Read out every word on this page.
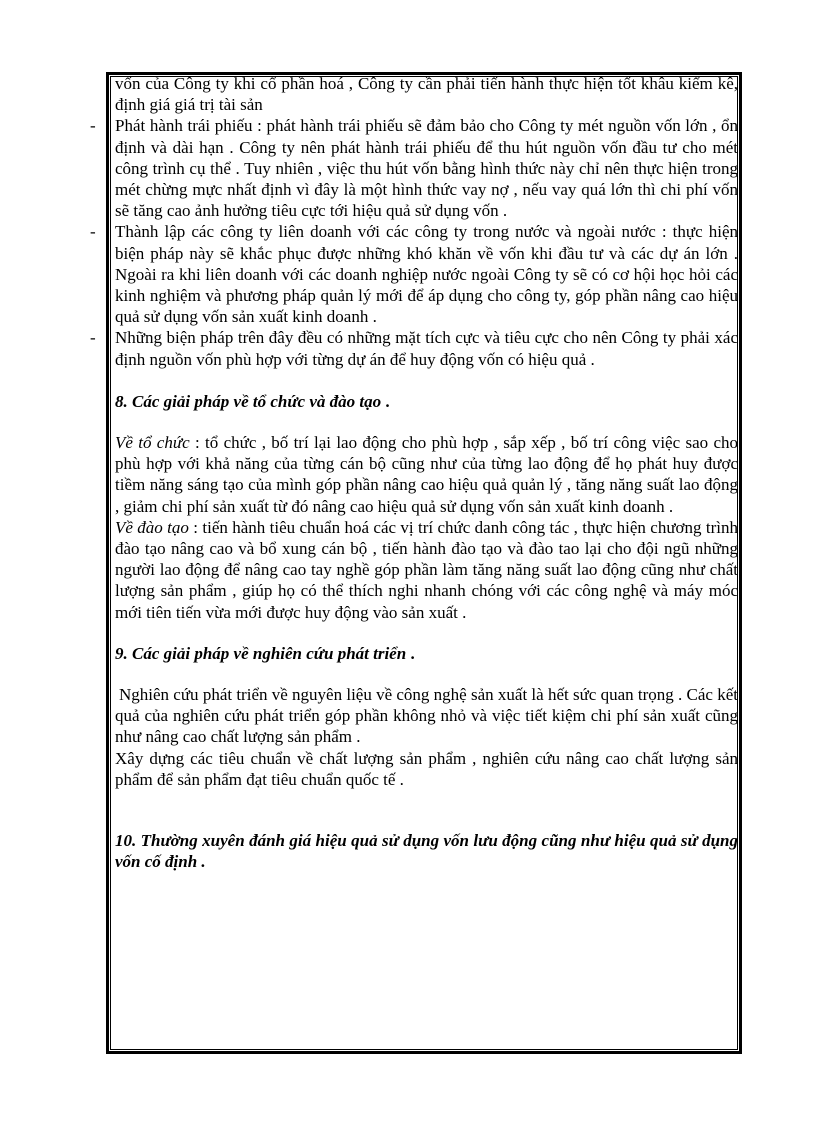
vốn của Công ty khi cổ phần hoá , Công ty cần phải tiến hành thực hiện tốt khâu kiểm kê, định giá giá trị tài sản

- Phát hành trái phiếu : phát hành trái phiếu sẽ đảm bảo cho Công ty mét nguồn vốn lớn , ổn định và dài hạn . Công ty nên phát hành trái phiếu để thu hút nguồn vốn đầu tư cho mét công trình cụ thể . Tuy nhiên , việc thu hút vốn bằng hình thức này chỉ nên thực hiện trong mét chừng mực nhất định vì đây là một hình thức vay nợ , nếu vay quá lớn thì chi phí vốn sẽ tăng cao ảnh hưởng tiêu cực tới hiệu quả sử dụng vốn .

- Thành lập các công ty liên doanh với các công ty trong nước và ngoài nước : thực hiện biện pháp này sẽ khắc phục được những khó khăn về vốn khi đầu tư và các dự án lớn . Ngoài ra khi liên doanh với các doanh nghiệp nước ngoài Công ty sẽ có cơ hội học hỏi các kinh nghiệm và phương pháp quản lý mới để áp dụng cho công ty, góp phần nâng cao hiệu quả sử dụng vốn sản xuất kinh doanh .

- Những biện pháp trên đây đều có những mặt tích cực và tiêu cực cho nên Công ty phải xác định nguồn vốn phù hợp với từng dự án để huy động vốn có hiệu quả .

8. Các giải pháp về tổ chức và đào tạo .

Về tổ chức : tổ chức , bố trí lại lao động cho phù hợp , sắp xếp , bố trí công việc sao cho phù hợp với khả năng của từng cán bộ cũng như của từng lao động để họ phát huy được tiềm năng sáng tạo của mình góp phần nâng cao hiệu quả quản lý , tăng năng suất lao động , giảm chi phí sản xuất từ đó nâng cao hiệu quả sử dụng vốn sản xuất kinh doanh .

Về đào tạo : tiến hành tiêu chuẩn hoá các vị trí chức danh công tác , thực hiện chương trình đào tạo nâng cao và bổ xung cán bộ , tiến hành đào tạo và đào tao lại cho đội ngũ những người lao động để nâng cao tay nghề góp phần làm tăng năng suất lao động cũng như chất lượng sản phẩm , giúp họ có thể thích nghi nhanh chóng với các công nghệ và máy móc mới tiên tiến vừa mới được huy động vào sản xuất .

9. Các giải pháp về nghiên cứu phát triển .

Nghiên cứu phát triển về nguyên liệu về công nghệ sản xuất là hết sức quan trọng . Các kết quả của nghiên cứu phát triển góp phần không nhỏ và việc tiết kiệm chi phí sản xuất cũng như nâng cao chất lượng sản phẩm .

Xây dựng các tiêu chuẩn về chất lượng sản phẩm , nghiên cứu nâng cao chất lượng sản phẩm để sản phẩm đạt tiêu chuẩn quốc tế .

10. Thường xuyên đánh giá hiệu quả sử dụng vốn lưu động cũng như hiệu quả sử dụng vốn cố định .
